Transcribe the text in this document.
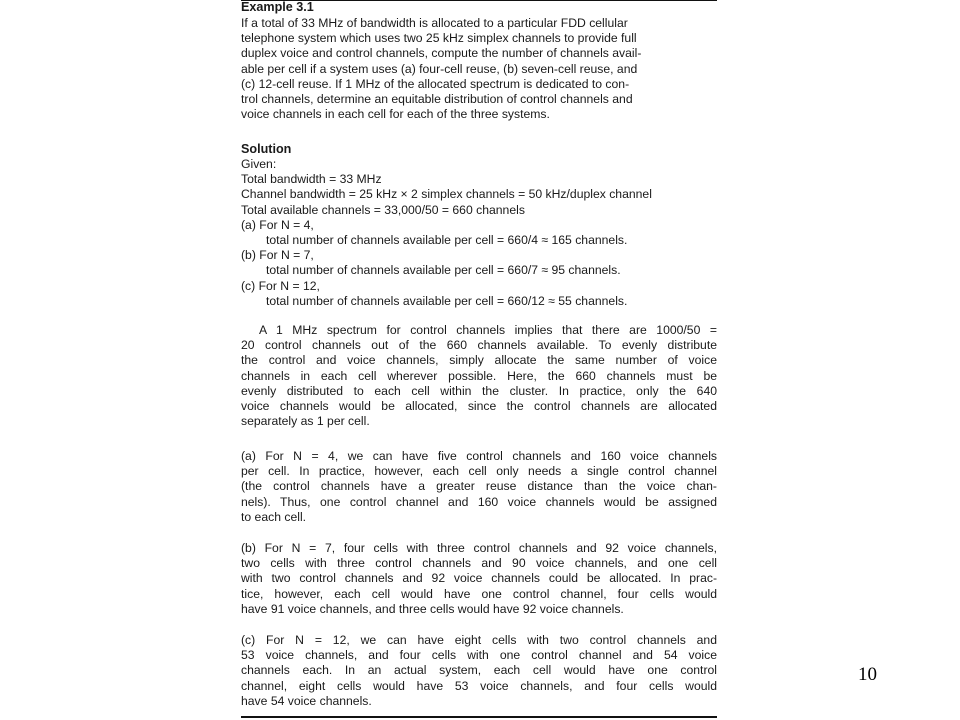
Example 3.1
If a total of 33 MHz of bandwidth is allocated to a particular FDD cellular
telephone system which uses two 25 kHz simplex channels to provide full
duplex voice and control channels, compute the number of channels avail-
able per cell if a system uses (a) four-cell reuse, (b) seven-cell reuse, and
(c) 12-cell reuse. If 1 MHz of the allocated spectrum is dedicated to con-
trol channels, determine an equitable distribution of control channels and
voice channels in each cell for each of the three systems.
Solution
Given:
Total bandwidth = 33 MHz
Channel bandwidth = 25 kHz × 2 simplex channels = 50 kHz/duplex channel
Total available channels = 33,000/50 = 660 channels
(a) For N = 4,
total number of channels available per cell = 660/4 ≈ 165 channels.
(b) For N = 7,
total number of channels available per cell = 660/7 ≈ 95 channels.
(c) For N = 12,
total number of channels available per cell = 660/12 ≈ 55 channels.
A 1 MHz spectrum for control channels implies that there are 1000/50 =
20 control channels out of the 660 channels available. To evenly distribute
the control and voice channels, simply allocate the same number of voice
channels in each cell wherever possible. Here, the 660 channels must be
evenly distributed to each cell within the cluster. In practice, only the 640
voice channels would be allocated, since the control channels are allocated
separately as 1 per cell.
(a) For N = 4, we can have five control channels and 160 voice channels
per cell. In practice, however, each cell only needs a single control channel
(the control channels have a greater reuse distance than the voice chan-
nels). Thus, one control channel and 160 voice channels would be assigned
to each cell.
(b) For N = 7, four cells with three control channels and 92 voice channels,
two cells with three control channels and 90 voice channels, and one cell
with two control channels and 92 voice channels could be allocated. In prac-
tice, however, each cell would have one control channel, four cells would
have 91 voice channels, and three cells would have 92 voice channels.
(c) For N = 12, we can have eight cells with two control channels and
53 voice channels, and four cells with one control channel and 54 voice
channels each. In an actual system, each cell would have one control
channel, eight cells would have 53 voice channels, and four cells would
have 54 voice channels.
10
